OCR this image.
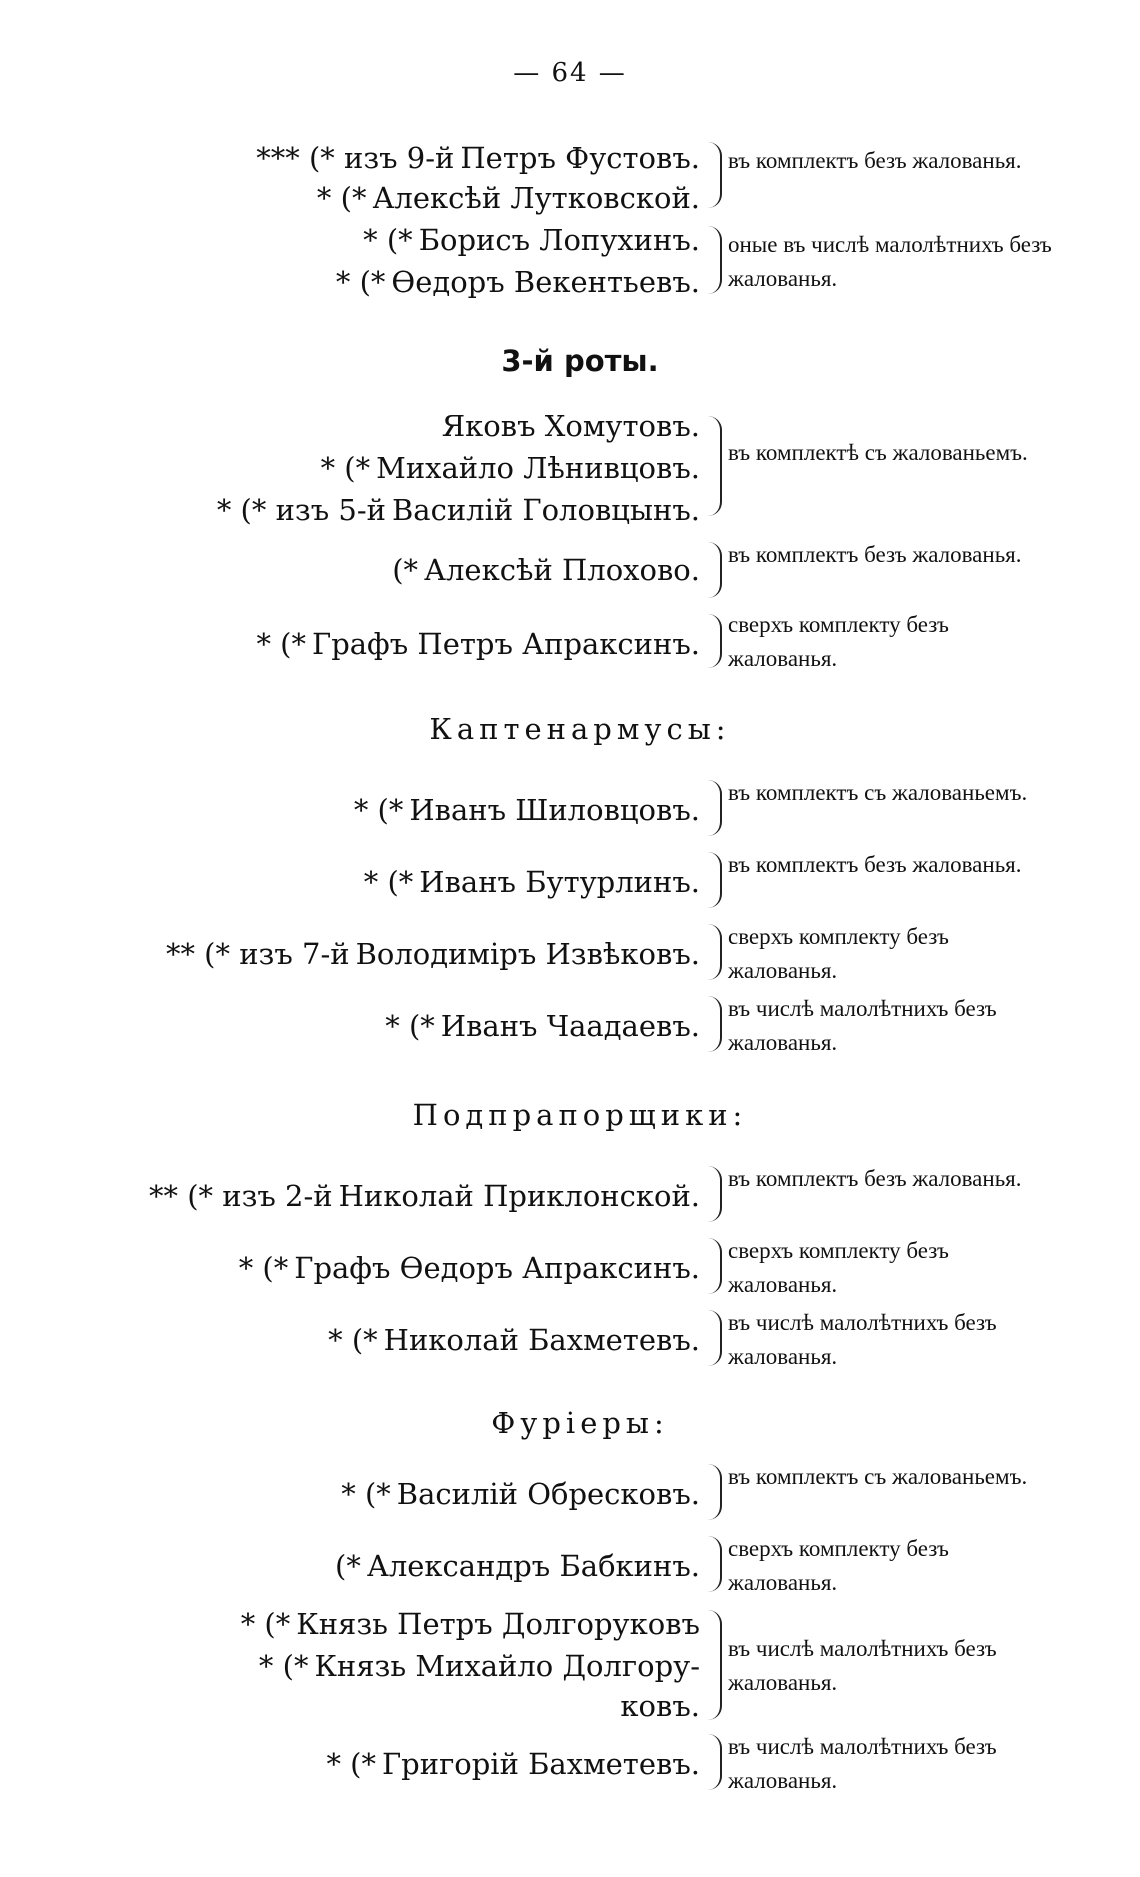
— 64 —
*** (* изъ 9-й Петръ Фустовъ.
* (* Алексѣй Лутковской.
въ комплектъ безъ жалованья.
* (* Борисъ Лопухинъ.
* (* Ѳедоръ Векентьевъ.
оные въ числѣ малолѣтнихъ безъ жалованья.
3-й роты.
Яковъ Хомутовъ.
* (* Михайло Лѣнивцовъ.
* (* изъ 5-й Василій Головцынъ.
въ комплектѣ съ жалованьемъ.
(* Алексѣй Плохово. въ комплектъ безъ жалованья.
* (* Графъ Петръ Апраксинъ.
сверхъ комплекту безъ жалованья.
Каптенармусы:
* (* Иванъ Шиловцовъ.
въ комплектъ съ жалованьемъ.
* (* Иванъ Бутурлинъ.
въ комплектъ безъ жалованья.
** (* изъ 7-й Володиміръ Извѣковъ.
сверхъ комплекту безъ жалованья.
* (* Иванъ Чаадаевъ.
въ числѣ малолѣтнихъ безъ жалованья.
Подпрапорщики:
** (* изъ 2-й Николай Приклонской.
въ комплектъ безъ жалованья.
* (* Графъ Ѳедоръ Апраксинъ.
сверхъ комплекту безъ жалованья.
* (* Николай Бахметевъ.
въ числѣ малолѣтнихъ безъ жалованья.
Фуріеры:
* (* Василій Обресковъ.
въ комплектъ съ жалованьемъ.
(* Александръ Бабкинъ.
сверхъ комплекту безъ жалованья.
* (* Князь Петръ Долгоруковъ
* (* Князь Михайло Долгору-
ковъ.
въ числѣ малолѣтнихъ безъ жалованья.
* (* Григорій Бахметевъ.
въ числѣ малолѣтнихъ безъ жалованья.
